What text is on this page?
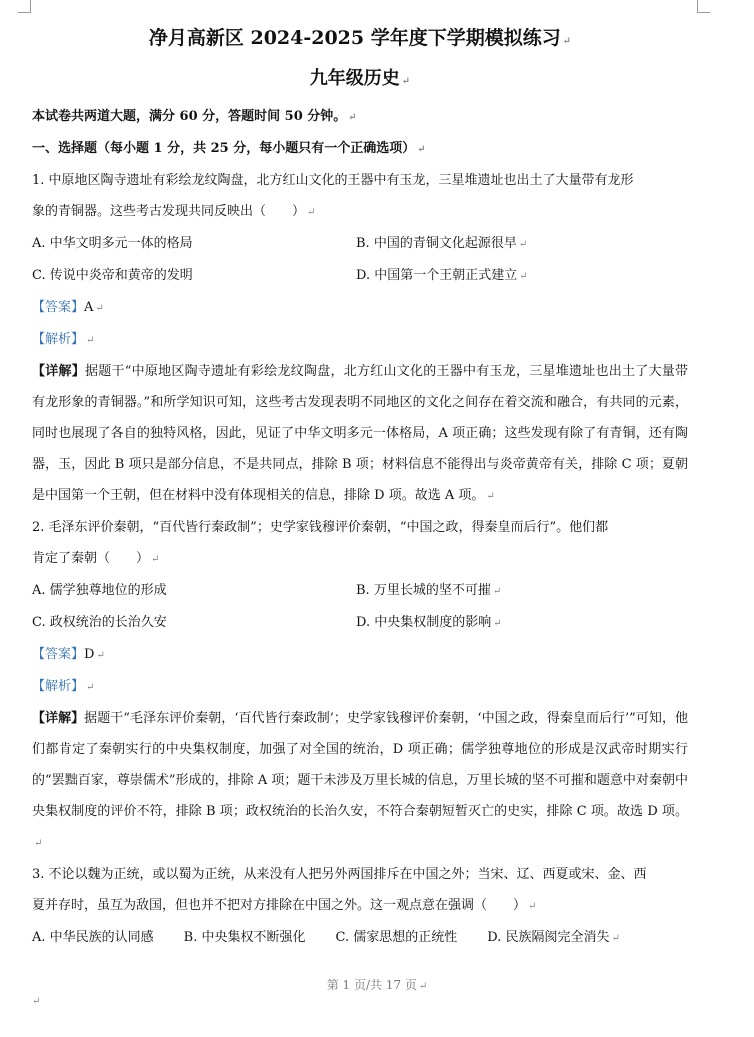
净月高新区 2024-2025 学年度下学期模拟练习 ↵

九年级历史 ↵

本试卷共两道大题，满分 60 分，答题时间 50 分钟。 ↵

一、选择题（每小题 1 分，共 25 分，每小题只有一个正确选项） ↵

1. 中原地区陶寺遗址有彩绘龙纹陶盘，北方红山文化的王器中有玉龙，三星堆遗址也出土了大量带有龙形

象的青铜器。这些考古发现共同反映出（　　） ↵

A. 中华文明多元一体的格局	B. 中国的青铜文化起源很早 ↵
C. 传说中炎帝和黄帝的发明	D. 中国第一个王朝正式建立 ↵

【答案】A ↵

【解析】 ↵

【详解】据题干“中原地区陶寺遗址有彩绘龙纹陶盘，北方红山文化的王器中有玉龙，三星堆遗址也出土了大量带有龙形象的青铜器。”和所学知识可知，这些考古发现表明不同地区的文化之间存在着交流和融合，有共同的元素，同时也展现了各自的独特风格，因此，见证了中华文明多元一体格局，A 项正确；这些发现有除了有青铜，还有陶器，玉，因此 B 项只是部分信息，不是共同点，排除 B 项；材料信息不能得出与炎帝黄帝有关，排除 C 项；夏朝是中国第一个王朝，但在材料中没有体现相关的信息，排除 D 项。故选 A 项。 ↵

2. 毛泽东评价秦朝，“百代皆行秦政制”；史学家钱穆评价秦朝，“中国之政，得秦皇而后行”。他们都

肯定了秦朝（　　） ↵

A. 儒学独尊地位的形成	B. 万里长城的坚不可摧 ↵
C. 政权统治的长治久安	D. 中央集权制度的影响 ↵

【答案】D ↵

【解析】 ↵

【详解】据题干“毛泽东评价秦朝，‘百代皆行秦政制’；史学家钱穆评价秦朝，‘中国之政，得秦皇而后行’”可知，他们都肯定了秦朝实行的中央集权制度，加强了对全国的统治，D 项正确；儒学独尊地位的形成是汉武帝时期实行的“罢黜百家，尊崇儒术”形成的，排除 A 项；题干未涉及万里长城的信息，万里长城的坚不可摧和题意中对秦朝中央集权制度的评价不符，排除 B 项；政权统治的长治久安，不符合秦朝短暂灭亡的史实，排除 C 项。故选 D 项。↵

3. 不论以魏为正统，或以蜀为正统，从来没有人把另外两国排斥在中国之外；当宋、辽、西夏或宋、金、西

夏并存时，虽互为敌国，但也并不把对方排除在中国之外。这一观点意在强调（　　） ↵

A. 中华民族的认同感 B. 中央集权不断强化 C. 儒家思想的正统性 D. 民族隔阂完全消失 ↵
第 1 页/共 17 页 ↵
↵
